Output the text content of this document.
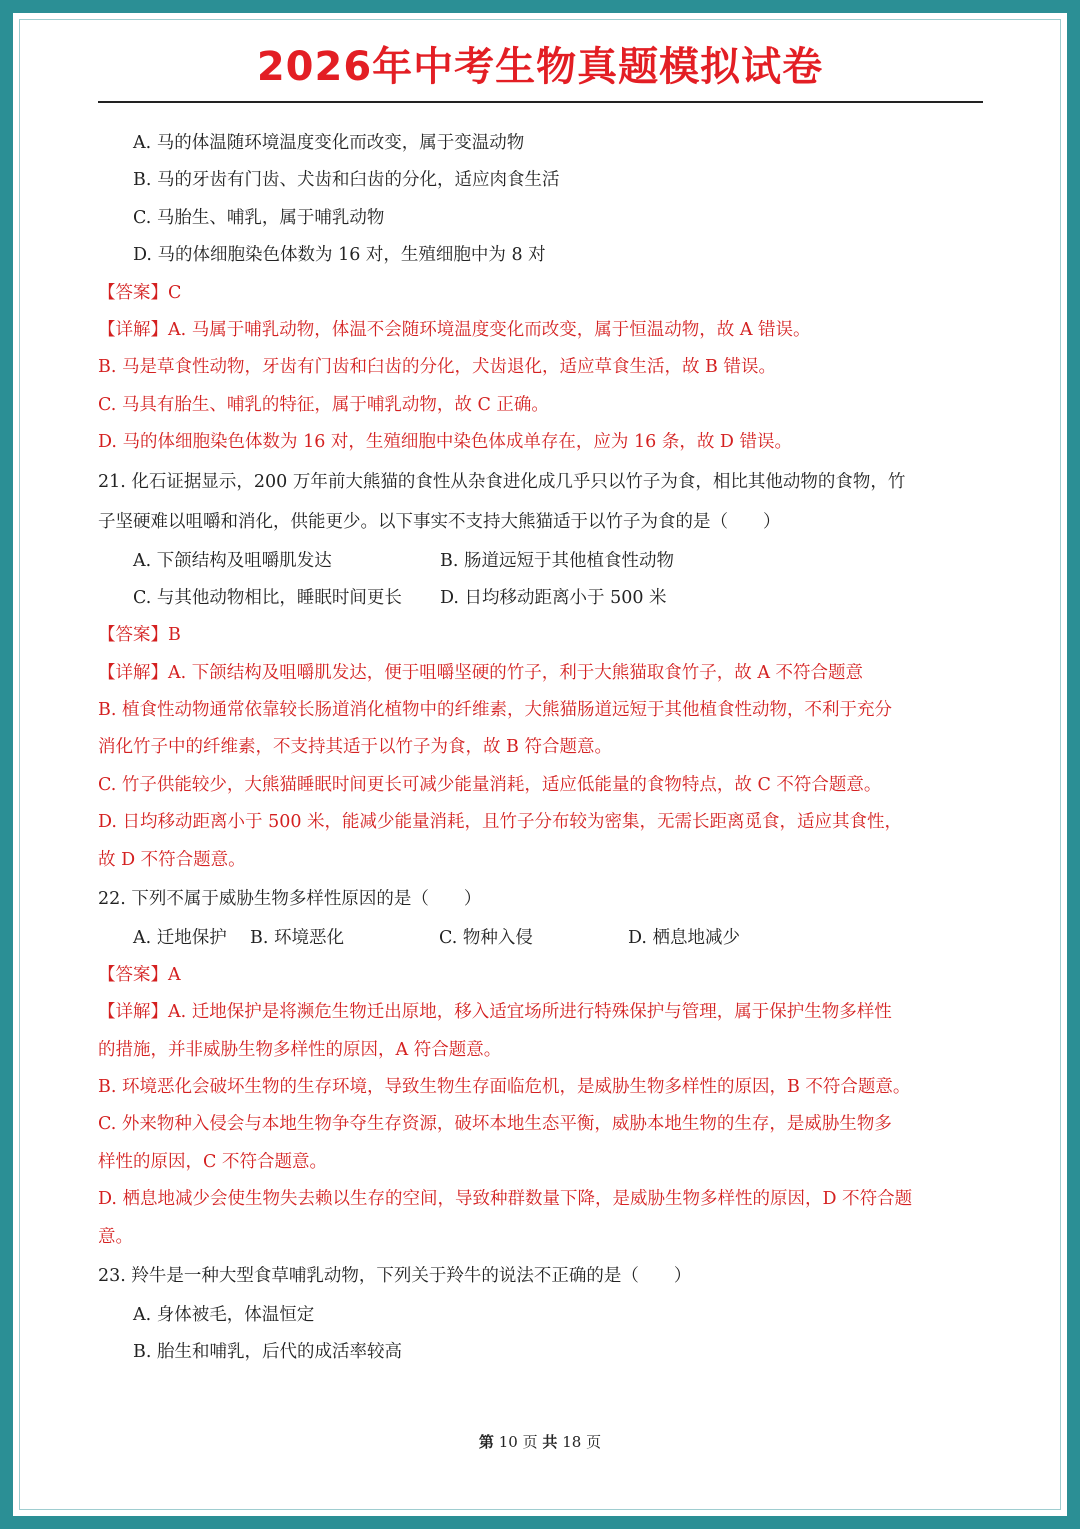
2026年中考生物真题模拟试卷
A. 马的体温随环境温度变化而改变，属于变温动物
B. 马的牙齿有门齿、犬齿和臼齿的分化，适应肉食生活
C. 马胎生、哺乳，属于哺乳动物
D. 马的体细胞染色体数为 16 对，生殖细胞中为 8 对
【答案】C
【详解】A. 马属于哺乳动物，体温不会随环境温度变化而改变，属于恒温动物，故 A 错误。
B. 马是草食性动物，牙齿有门齿和臼齿的分化，犬齿退化，适应草食生活，故 B 错误。
C. 马具有胎生、哺乳的特征，属于哺乳动物，故 C 正确。
D. 马的体细胞染色体数为 16 对，生殖细胞中染色体成单存在，应为 16 条，故 D 错误。
21. 化石证据显示，200 万年前大熊猫的食性从杂食进化成几乎只以竹子为食，相比其他动物的食物，竹
子坚硬难以咀嚼和消化，供能更少。以下事实不支持大熊猫适于以竹子为食的是（　　）
A. 下颌结构及咀嚼肌发达	B. 肠道远短于其他植食性动物
C. 与其他动物相比，睡眠时间更长	D. 日均移动距离小于 500 米
【答案】B
【详解】A. 下颌结构及咀嚼肌发达，便于咀嚼坚硬的竹子，利于大熊猫取食竹子，故 A 不符合题意
B. 植食性动物通常依靠较长肠道消化植物中的纤维素，大熊猫肠道远短于其他植食性动物，不利于充分
消化竹子中的纤维素，不支持其适于以竹子为食，故 B 符合题意。
C. 竹子供能较少，大熊猫睡眠时间更长可减少能量消耗，适应低能量的食物特点，故 C 不符合题意。
D. 日均移动距离小于 500 米，能减少能量消耗，且竹子分布较为密集，无需长距离觅食，适应其食性，
故 D 不符合题意。
22. 下列不属于威胁生物多样性原因的是（　　）
A. 迁地保护	B. 环境恶化	C. 物种入侵	D. 栖息地减少
【答案】A
【详解】A. 迁地保护是将濒危生物迁出原地，移入适宜场所进行特殊保护与管理，属于保护生物多样性
的措施，并非威胁生物多样性的原因，A 符合题意。
B. 环境恶化会破坏生物的生存环境，导致生物生存面临危机，是威胁生物多样性的原因，B 不符合题意。
C. 外来物种入侵会与本地生物争夺生存资源，破坏本地生态平衡，威胁本地生物的生存，是威胁生物多
样性的原因，C 不符合题意。
D. 栖息地减少会使生物失去赖以生存的空间，导致种群数量下降，是威胁生物多样性的原因，D 不符合题
意。
23. 羚牛是一种大型食草哺乳动物，下列关于羚牛的说法不正确的是（　　）
A. 身体被毛，体温恒定
B. 胎生和哺乳，后代的成活率较高
第 10 页 共 18 页
